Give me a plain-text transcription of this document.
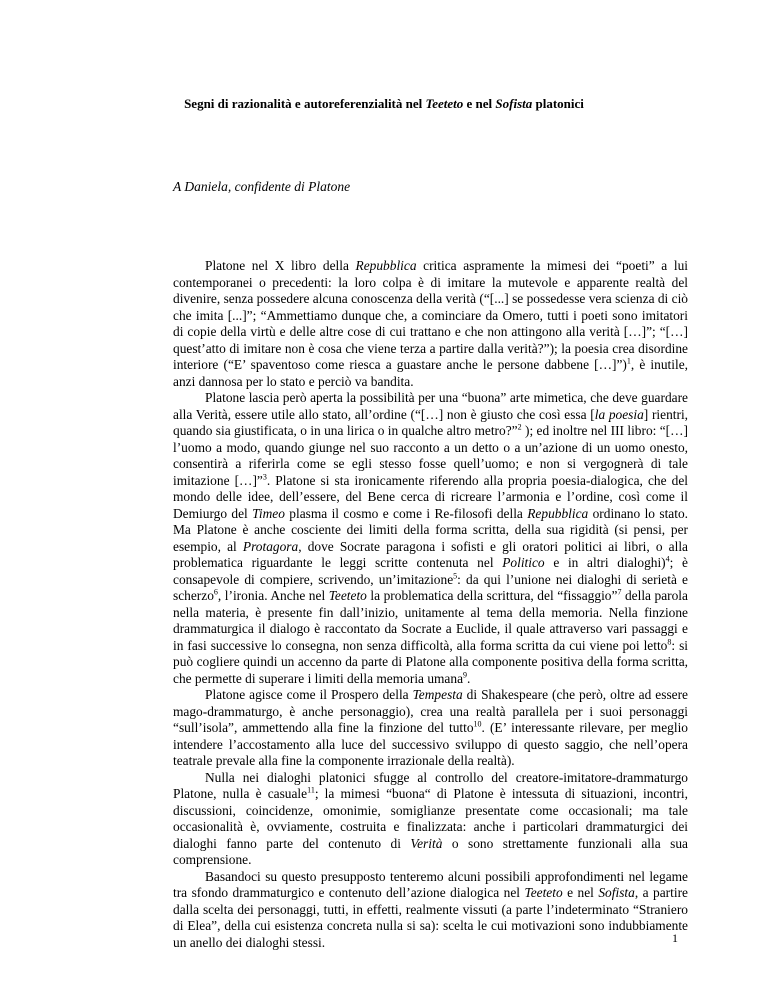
Segni di razionalità e autoreferenzialità nel Teeteto e nel Sofista platonici
A Daniela, confidente di Platone

Platone nel X libro della Repubblica critica aspramente la mimesi dei “poeti” a lui contemporanei o precedenti: la loro colpa è di imitare la mutevole e apparente realtà del divenire, senza possedere alcuna conoscenza della verità (“[...] se possedesse vera scienza di ciò che imita [...]”; “Ammettiamo dunque che, a cominciare da Omero, tutti i poeti sono imitatori di copie della virtù e delle altre cose di cui trattano e che non attingono alla verità […]”; “[…] quest’atto di imitare non è cosa che viene terza a partire dalla verità?”); la poesia crea disordine interiore (“E’ spaventoso come riesca a guastare anche le persone dabbene […]”)$^1$, è inutile, anzi dannosa per lo stato e perciò va bandita.

Platone lascia però aperta la possibilità per una “buona” arte mimetica, che deve guardare alla Verità, essere utile allo stato, all’ordine (“[…] non è giusto che così essa [la poesia] rientri, quando sia giustificata, o in una lirica o in qualche altro metro?”$^2$ ); ed inoltre nel III libro: “[…] l’uomo a modo, quando giunge nel suo racconto a un detto o a un’azione di un uomo onesto, consentirà a riferirla come se egli stesso fosse quell’uomo; e non si vergognerà di tale imitazione […]”$^3$. Platone si sta ironicamente riferendo alla propria poesia-dialogica, che del mondo delle idee, dell’essere, del Bene cerca di ricreare l’armonia e l’ordine, così come il Demiurgo del Timeo plasma il cosmo e come i Re-filosofi della Repubblica ordinano lo stato. Ma Platone è anche cosciente dei limiti della forma scritta, della sua rigidità (si pensi, per esempio, al Protagora, dove Socrate paragona i sofisti e gli oratori politici ai libri, o alla problematica riguardante le leggi scritte contenuta nel Politico e in altri dialoghi)$^4$; è consapevole di compiere, scrivendo, un’imitazione$^5$: da qui l’unione nei dialoghi di serietà e scherzo$^6$, l’ironia. Anche nel Teeteto la problematica della scrittura, del “fissaggio”$^7$ della parola nella materia, è presente fin dall’inizio, unitamente al tema della memoria. Nella finzione drammaturgica il dialogo è raccontato da Socrate a Euclide, il quale attraverso vari passaggi e in fasi successive lo consegna, non senza difficoltà, alla forma scritta da cui viene poi letto$^8$: si può cogliere quindi un accenno da parte di Platone alla componente positiva della forma scritta, che permette di superare i limiti della memoria umana$^9$.

Platone agisce come il Prospero della Tempesta di Shakespeare (che però, oltre ad essere mago-drammaturgo, è anche personaggio), crea una realtà parallela per i suoi personaggi “sull’isola”, ammettendo alla fine la finzione del tutto$^{10}$. (E’ interessante rilevare, per meglio intendere l’accostamento alla luce del successivo sviluppo di questo saggio, che nell’opera teatrale prevale alla fine la componente irrazionale della realtà).

Nulla nei dialoghi platonici sfugge al controllo del creatore-imitatore-drammaturgo Platone, nulla è casuale$^{11}$; la mimesi “buona“ di Platone è intessuta di situazioni, incontri, discussioni, coincidenze, omonimie, somiglianze presentate come occasionali; ma tale occasionalità è, ovviamente, costruita e finalizzata: anche i particolari drammaturgici dei dialoghi fanno parte del contenuto di Verità o sono strettamente funzionali alla sua comprensione.

Basandoci su questo presupposto tenteremo alcuni possibili approfondimenti nel legame tra sfondo drammaturgico e contenuto dell’azione dialogica nel Teeteto e nel Sofista, a partire dalla scelta dei personaggi, tutti, in effetti, realmente vissuti (a parte l’indeterminato “Straniero di Elea”, della cui esistenza concreta nulla si sa): scelta le cui motivazioni sono indubbiamente un anello dei dialoghi stessi.	1
